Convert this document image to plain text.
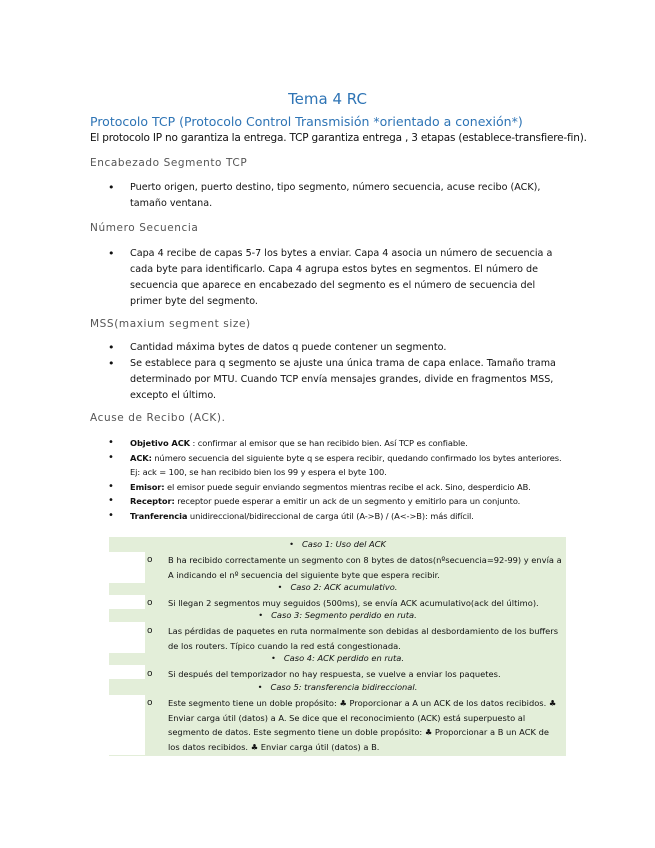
Tema 4 RC
Protocolo TCP (Protocolo Control Transmisión *orientado a conexión*)
El protocolo IP no garantiza la entrega. TCP garantiza entrega , 3 etapas (establece-transfiere-fin).
Encabezado Segmento TCP
• Puerto origen, puerto destino, tipo segmento, número secuencia, acuse recibo (ACK), tamaño ventana.
Número Secuencia
• Capa 4 recibe de capas 5-7 los bytes a enviar. Capa 4 asocia un número de secuencia a cada byte para identificarlo. Capa 4 agrupa estos bytes en segmentos. El número de secuencia que aparece en encabezado del segmento es el número de secuencia del primer byte del segmento.
MSS(maxium segment size)
• Cantidad máxima bytes de datos q puede contener un segmento.
• Se establece para q segmento se ajuste una única trama de capa enlace. Tamaño trama determinado por MTU. Cuando TCP envía mensajes grandes, divide en fragmentos MSS, excepto el último.
Acuse de Recibo (ACK).
• Objetivo ACK : confirmar al emisor que se han recibido bien. Así TCP es confiable.
• ACK: número secuencia del siguiente byte q se espera recibir, quedando confirmado los bytes anteriores. Ej: ack = 100, se han recibido bien los 99 y espera el byte 100.
• Emisor: el emisor puede seguir enviando segmentos mientras recibe el ack. Sino, desperdicio AB.
• Receptor: receptor puede esperar a emitir un ack de un segmento y emitirlo para un conjunto.
• Tranferencia unidireccional/bidireccional de carga útil (A->B) / (A<->B): más difícil.
• Caso 1: Uso del ACK
o B ha recibido correctamente un segmento con 8 bytes de datos(nºsecuencia=92-99) y envía a A indicando el nº secuencia del siguiente byte que espera recibir.
• Caso 2: ACK acumulativo.
o Si llegan 2 segmentos muy seguidos (500ms), se envía ACK acumulativo(ack del último).
• Caso 3: Segmento perdido en ruta.
o Las pérdidas de paquetes en ruta normalmente son debidas al desbordamiento de los buffers de los routers. Típico cuando la red está congestionada.
• Caso 4: ACK perdido en ruta.
o Si después del temporizador no hay respuesta, se vuelve a enviar los paquetes.
• Caso 5: transferencia bidireccional.
o Este segmento tiene un doble propósito: ♣ Proporcionar a A un ACK de los datos recibidos. ♣ Enviar carga útil (datos) a A. Se dice que el reconocimiento (ACK) está superpuesto al segmento de datos. Este segmento tiene un doble propósito: ♣ Proporcionar a B un ACK de los datos recibidos. ♣ Enviar carga útil (datos) a B.
